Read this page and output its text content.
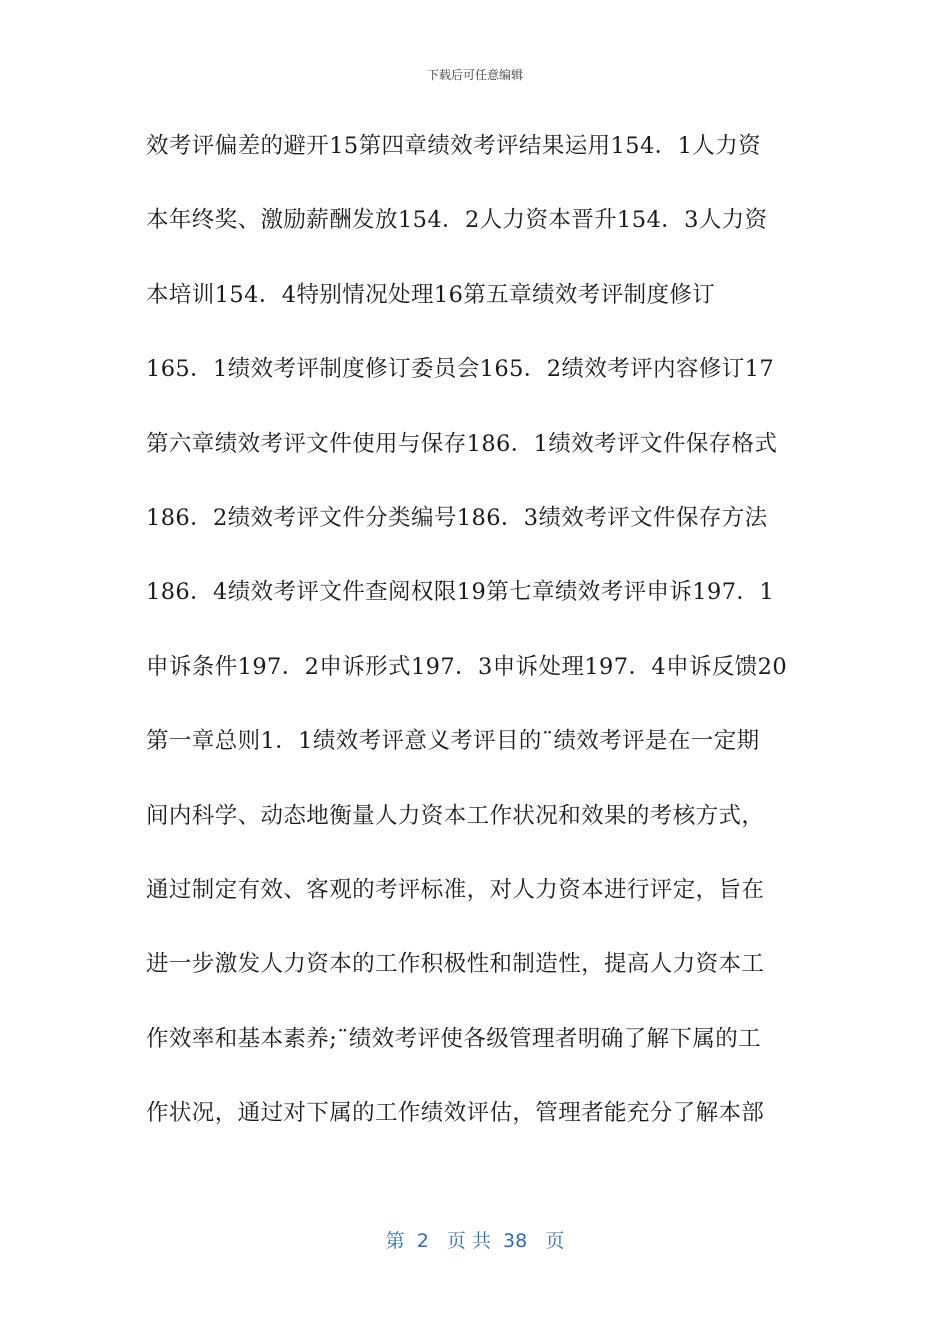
下载后可任意编辑
效考评偏差的避开15第四章绩效考评结果运用154．1人力资
本年终奖、激励薪酬发放154．2人力资本晋升154．3人力资
本培训154．4特别情况处理16第五章绩效考评制度修订
165．1绩效考评制度修订委员会165．2绩效考评内容修订17
第六章绩效考评文件使用与保存186．1绩效考评文件保存格式
186．2绩效考评文件分类编号186．3绩效考评文件保存方法
186．4绩效考评文件查阅权限19第七章绩效考评申诉197．1
申诉条件197．2申诉形式197．3申诉处理197．4申诉反馈20
第一章总则1．1绩效考评意义考评目的¨绩效考评是在一定期
间内科学、动态地衡量人力资本工作状况和效果的考核方式，
通过制定有效、客观的考评标准，对人力资本进行评定，旨在
进一步激发人力资本的工作积极性和制造性，提高人力资本工
作效率和基本素养;¨绩效考评使各级管理者明确了解下属的工
作状况，通过对下属的工作绩效评估，管理者能充分了解本部
第  2   页 共  38   页
